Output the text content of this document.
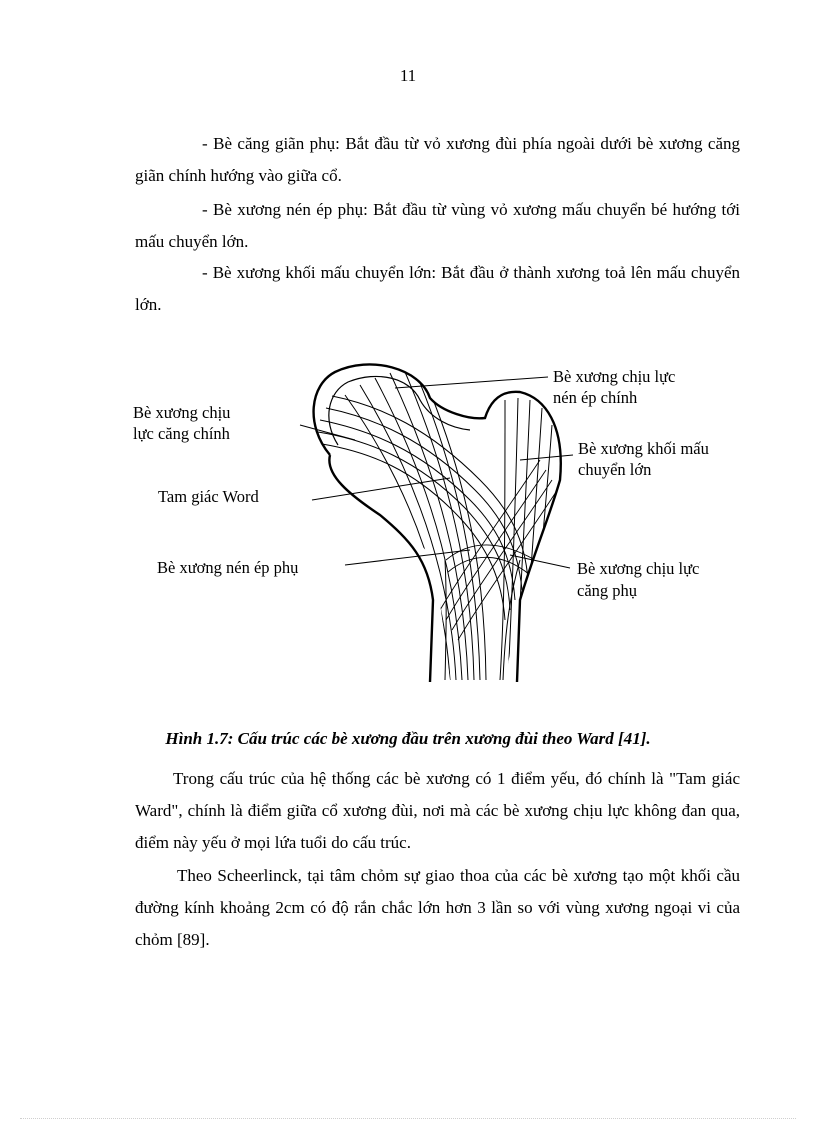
11

- Bè căng giãn phụ: Bắt đầu từ vỏ xương đùi phía ngoài dưới bè xương căng giãn chính hướng vào giữa cổ.

- Bè xương nén ép phụ: Bắt đầu từ vùng vỏ xương mấu chuyển bé hướng tới mấu chuyển lớn.

- Bè xương khối mấu chuyển lớn: Bắt đầu ở thành xương toả lên mấu chuyển lớn.

Bè xương chịu lực
nén ép chính
Bè xương chịu
lực căng chính
Bè xương khối mấu
chuyển lớn
Tam giác Word
Bè xương nén ép phụ	Bè xương chịu lực
căng phụ
Hình 1.7: Cấu trúc các bè xương đầu trên xương đùi theo Ward [41].

Trong cấu trúc của hệ thống các bè xương có 1 điểm yếu, đó chính là "Tam giác Ward", chính là điểm giữa cổ xương đùi, nơi mà các bè xương chịu lực không đan qua, điểm này yếu ở mọi lứa tuổi do cấu trúc.

Theo Scheerlinck, tại tâm chỏm sự giao thoa của các bè xương tạo một khối cầu đường kính khoảng 2cm có độ rắn chắc lớn hơn 3 lần so với vùng xương ngoại vi của chỏm [89].
